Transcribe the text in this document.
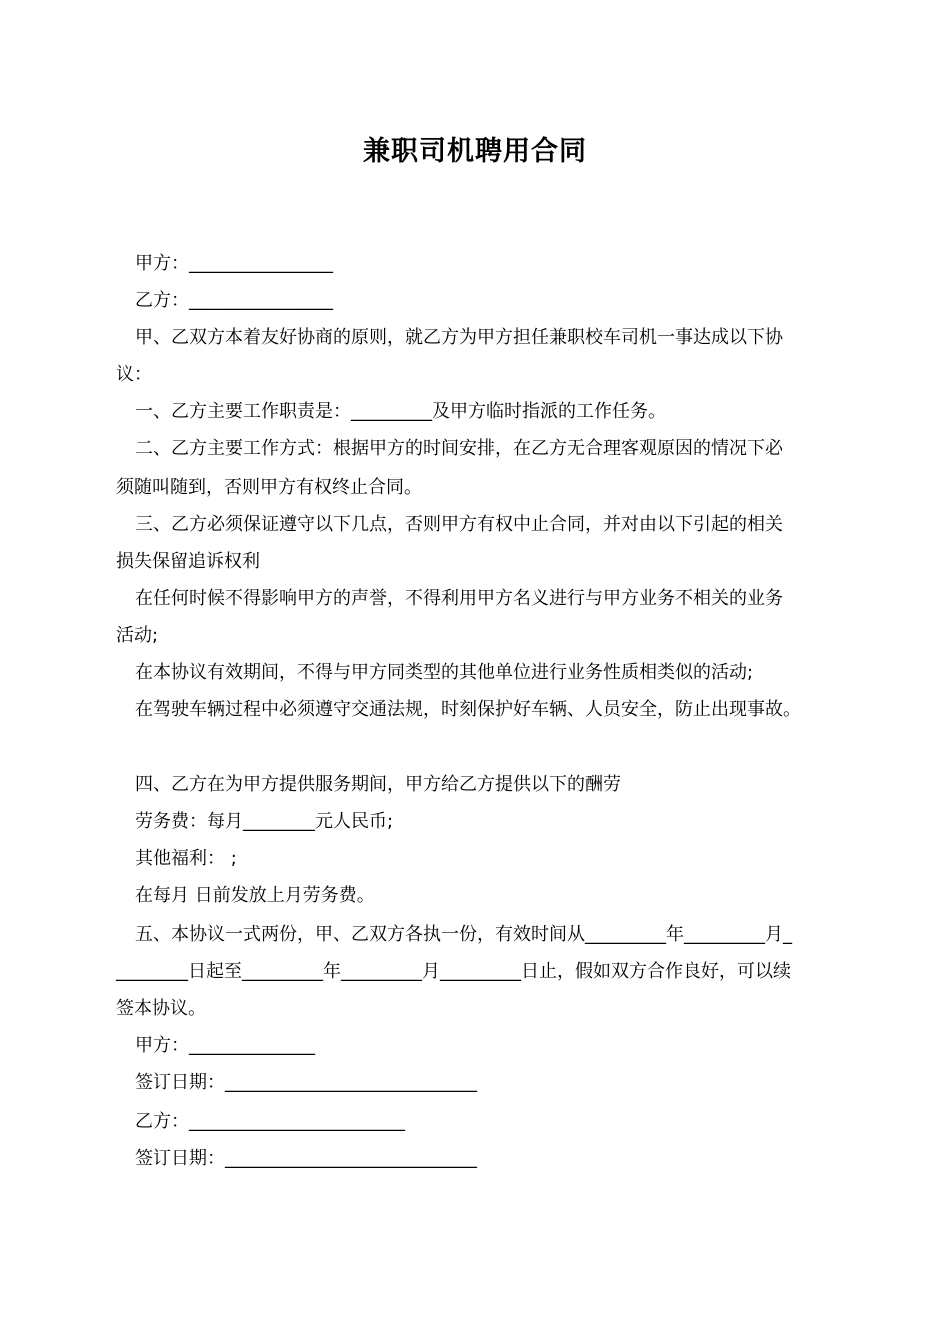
兼职司机聘用合同
甲方：________________
乙方：________________
甲、乙双方本着友好协商的原则，就乙方为甲方担任兼职校车司机一事达成以下协
议：
一、乙方主要工作职责是：_________及甲方临时指派的工作任务。
二、乙方主要工作方式：根据甲方的时间安排，在乙方无合理客观原因的情况下必
须随叫随到，否则甲方有权终止合同。
三、乙方必须保证遵守以下几点，否则甲方有权中止合同，并对由以下引起的相关
损失保留追诉权利
在任何时候不得影响甲方的声誉，不得利用甲方名义进行与甲方业务不相关的业务
活动;
在本协议有效期间，不得与甲方同类型的其他单位进行业务性质相类似的活动;
在驾驶车辆过程中必须遵守交通法规，时刻保护好车辆、人员安全，防止出现事故。
四、乙方在为甲方提供服务期间，甲方给乙方提供以下的酬劳
劳务费：每月________元人民币;
其他福利： ;
在每月 日前发放上月劳务费。
五、本协议一式两份，甲、乙双方各执一份，有效时间从_________年_________月_
________日起至_________年_________月_________日止，假如双方合作良好，可以续
签本协议。
甲方：______________
签订日期：____________________________
乙方：________________________
签订日期：____________________________
